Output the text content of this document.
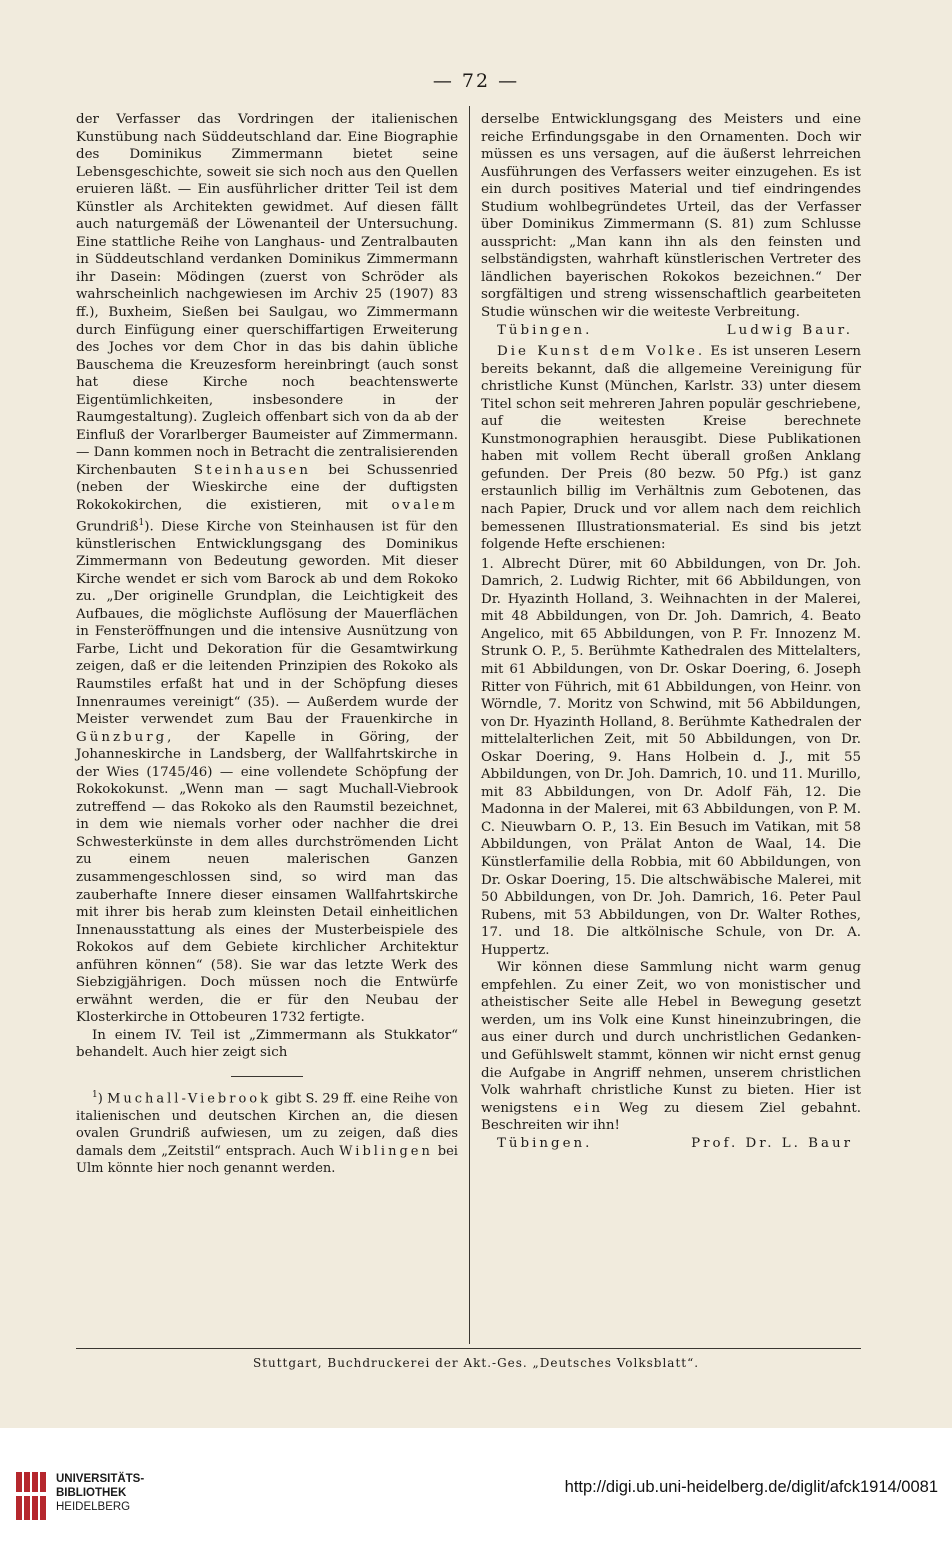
— 72 —

der Verfasser das Vordringen der italienischen Kunstübung nach Süddeutschland dar. Eine Biographie des Dominikus Zimmermann bietet seine Lebensgeschichte, soweit sie sich noch aus den Quellen eruieren läßt. — Ein ausführlicher dritter Teil ist dem Künstler als Architekten gewidmet. Auf diesen fällt auch naturgemäß der Löwenanteil der Untersuchung. Eine stattliche Reihe von Langhaus- und Zentralbauten in Süddeutschland verdanken Dominikus Zimmermann ihr Dasein: Mödingen (zuerst von Schröder als wahrscheinlich nachgewiesen im Archiv 25 (1907) 83 ff.), Buxheim, Sießen bei Saulgau, wo Zimmermann durch Einfügung einer querschiffartigen Erweiterung des Joches vor dem Chor in das bis dahin übliche Bauschema die Kreuzesform hereinbringt (auch sonst hat diese Kirche noch beachtenswerte Eigentümlichkeiten, insbesondere in der Raumgestaltung). Zugleich offenbart sich von da ab der Einfluß der Vorarlberger Baumeister auf Zimmermann. — Dann kommen noch in Betracht die zentralisierenden Kirchenbauten Steinhausen bei Schussenried (neben der Wieskirche eine der duftigsten Rokokokirchen, die existieren, mit ovalem Grundriß$^1$). Diese Kirche von Steinhausen ist für den künstlerischen Entwicklungsgang des Dominikus Zimmermann von Bedeutung geworden. Mit dieser Kirche wendet er sich vom Barock ab und dem Rokoko zu. „Der originelle Grundplan, die Leichtigkeit des Aufbaues, die möglichste Auflösung der Mauerflächen in Fensteröffnungen und die intensive Ausnützung von Farbe, Licht und Dekoration für die Gesamtwirkung zeigen, daß er die leitenden Prinzipien des Rokoko als Raumstiles erfaßt hat und in der Schöpfung dieses Innenraumes vereinigt“ (35). — Außerdem wurde der Meister verwendet zum Bau der Frauenkirche in Günzburg, der Kapelle in Göring, der Johanneskirche in Landsberg, der Wallfahrtskirche in der Wies (1745/46) — eine vollendete Schöpfung der Rokokokunst. „Wenn man — sagt Muchall-Viebrook zutreffend — das Rokoko als den Raumstil bezeichnet, in dem wie niemals vorher oder nachher die drei Schwesterkünste in dem alles durchströmenden Licht zu einem neuen malerischen Ganzen zusammengeschlossen sind, so wird man das zauberhafte Innere dieser einsamen Wallfahrtskirche mit ihrer bis herab zum kleinsten Detail einheitlichen Innenausstattung als eines der Musterbeispiele des Rokokos auf dem Gebiete kirchlicher Architektur anführen können“ (58). Sie war das letzte Werk des Siebzigjährigen. Doch müssen noch die Entwürfe erwähnt werden, die er für den Neubau der Klosterkirche in Ottobeuren 1732 fertigte.

In einem IV. Teil ist „Zimmermann als Stukkator“ behandelt. Auch hier zeigt sich

$^1$) Muchall-Viebrook gibt S. 29 ff. eine Reihe von italienischen und deutschen Kirchen an, die diesen ovalen Grundriß aufwiesen, um zu zeigen, daß dies damals dem „Zeitstil“ entsprach. Auch Wiblingen bei Ulm könnte hier noch genannt werden.

derselbe Entwicklungsgang des Meisters und eine reiche Erfindungsgabe in den Ornamenten. Doch wir müssen es uns versagen, auf die äußerst lehrreichen Ausführungen des Verfassers weiter einzugehen. Es ist ein durch positives Material und tief eindringendes Studium wohlbegründetes Urteil, das der Verfasser über Dominikus Zimmermann (S. 81) zum Schlusse ausspricht: „Man kann ihn als den feinsten und selbständigsten, wahrhaft künstlerischen Vertreter des ländlichen bayerischen Rokokos bezeichnen.“ Der sorgfältigen und streng wissenschaftlich gearbeiteten Studie wünschen wir die weiteste Verbreitung.

Tübingen.	Ludwig Baur.

Die Kunst dem Volke. Es ist unseren Lesern bereits bekannt, daß die allgemeine Vereinigung für christliche Kunst (München, Karlstr. 33) unter diesem Titel schon seit mehreren Jahren populär geschriebene, auf die weitesten Kreise berechnete Kunstmonographien herausgibt. Diese Publikationen haben mit vollem Recht überall großen Anklang gefunden. Der Preis (80 bezw. 50 Pfg.) ist ganz erstaunlich billig im Verhältnis zum Gebotenen, das nach Papier, Druck und vor allem nach dem reichlich bemessenen Illustrationsmaterial. Es sind bis jetzt folgende Hefte erschienen:

1. Albrecht Dürer, mit 60 Abbildungen, von Dr. Joh. Damrich, 2. Ludwig Richter, mit 66 Abbildungen, von Dr. Hyazinth Holland, 3. Weihnachten in der Malerei, mit 48 Abbildungen, von Dr. Joh. Damrich, 4. Beato Angelico, mit 65 Abbildungen, von P. Fr. Innozenz M. Strunk O. P., 5. Berühmte Kathedralen des Mittelalters, mit 61 Abbildungen, von Dr. Oskar Doering, 6. Joseph Ritter von Führich, mit 61 Abbildungen, von Heinr. von Wörndle, 7. Moritz von Schwind, mit 56 Abbildungen, von Dr. Hyazinth Holland, 8. Berühmte Kathedralen der mittelalterlichen Zeit, mit 50 Abbildungen, von Dr. Oskar Doering, 9. Hans Holbein d. J., mit 55 Abbildungen, von Dr. Joh. Damrich, 10. und 11. Murillo, mit 83 Abbildungen, von Dr. Adolf Fäh, 12. Die Madonna in der Malerei, mit 63 Abbildungen, von P. M. C. Nieuwbarn O. P., 13. Ein Besuch im Vatikan, mit 58 Abbildungen, von Prälat Anton de Waal, 14. Die Künstlerfamilie della Robbia, mit 60 Abbildungen, von Dr. Oskar Doering, 15. Die altschwäbische Malerei, mit 50 Abbildungen, von Dr. Joh. Damrich, 16. Peter Paul Rubens, mit 53 Abbildungen, von Dr. Walter Rothes, 17. und 18. Die altkölnische Schule, von Dr. A. Huppertz.

Wir können diese Sammlung nicht warm genug empfehlen. Zu einer Zeit, wo von monistischer und atheistischer Seite alle Hebel in Bewegung gesetzt werden, um ins Volk eine Kunst hineinzubringen, die aus einer durch und durch unchristlichen Gedanken- und Gefühlswelt stammt, können wir nicht ernst genug die Aufgabe in Angriff nehmen, unserem christlichen Volk wahrhaft christliche Kunst zu bieten. Hier ist wenigstens ein Weg zu diesem Ziel gebahnt. Beschreiten wir ihn!

Tübingen.	Prof. Dr. L. Baur
Stuttgart, Buchdruckerei der Akt.-Ges. „Deutsches Volksblatt“.
UNIVERSITÄTS-
BIBLIOTHEK
HEIDELBERG
http://digi.ub.uni-heidelberg.de/diglit/afck1914/0081
